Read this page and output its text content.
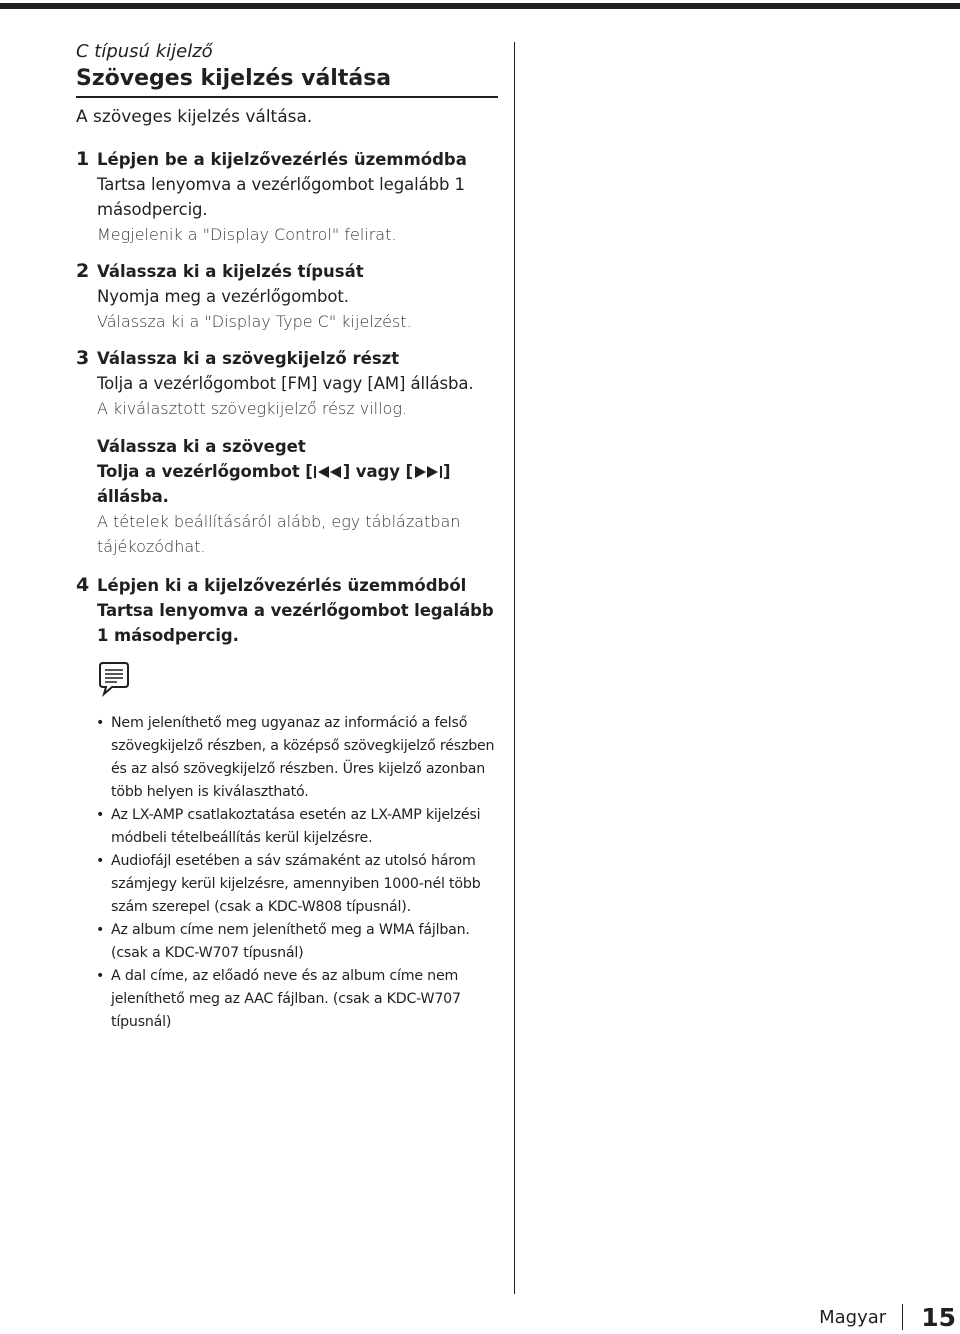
C típusú kijelző
Szöveges kijelzés váltása
A szöveges kijelzés váltása.
1 Lépjen be a kijelzővezérlés üzemmódba
Tartsa lenyomva a vezérlőgombot legalább 1 másodpercig.
Megjelenik a "Display Control" felirat.
2 Válassza ki a kijelzés típusát
Nyomja meg a vezérlőgombot.
Válassza ki a "Display Type C" kijelzést.
3 Válassza ki a szövegkijelző részt
Tolja a vezérlőgombot [FM] vagy [AM] állásba.
A kiválasztott szövegkijelző rész villog.
Válassza ki a szöveget
Tolja a vezérlőgombot [ ] vagy [ ] állásba.
A tételek beállításáról alább, egy táblázatban tájékozódhat.
4 Lépjen ki a kijelzővezérlés üzemmódból
Tartsa lenyomva a vezérlőgombot legalább 1 másodpercig.
• Nem jeleníthető meg ugyanaz az információ a felső szövegkijelző részben, a középső szövegkijelző részben és az alsó szövegkijelző részben. Üres kijelző azonban több helyen is kiválasztható.
• Az LX-AMP csatlakoztatása esetén az LX-AMP kijelzési módbeli tételbeállítás kerül kijelzésre.
• Audiofájl esetében a sáv számaként az utolsó három számjegy kerül kijelzésre, amennyiben 1000-nél több szám szerepel (csak a KDC-W808 típusnál).
• Az album címe nem jeleníthető meg a WMA fájlban. (csak a KDC-W707 típusnál)
• A dal címe, az előadó neve és az album címe nem jeleníthető meg az AAC fájlban. (csak a KDC-W707 típusnál)
Magyar 15
